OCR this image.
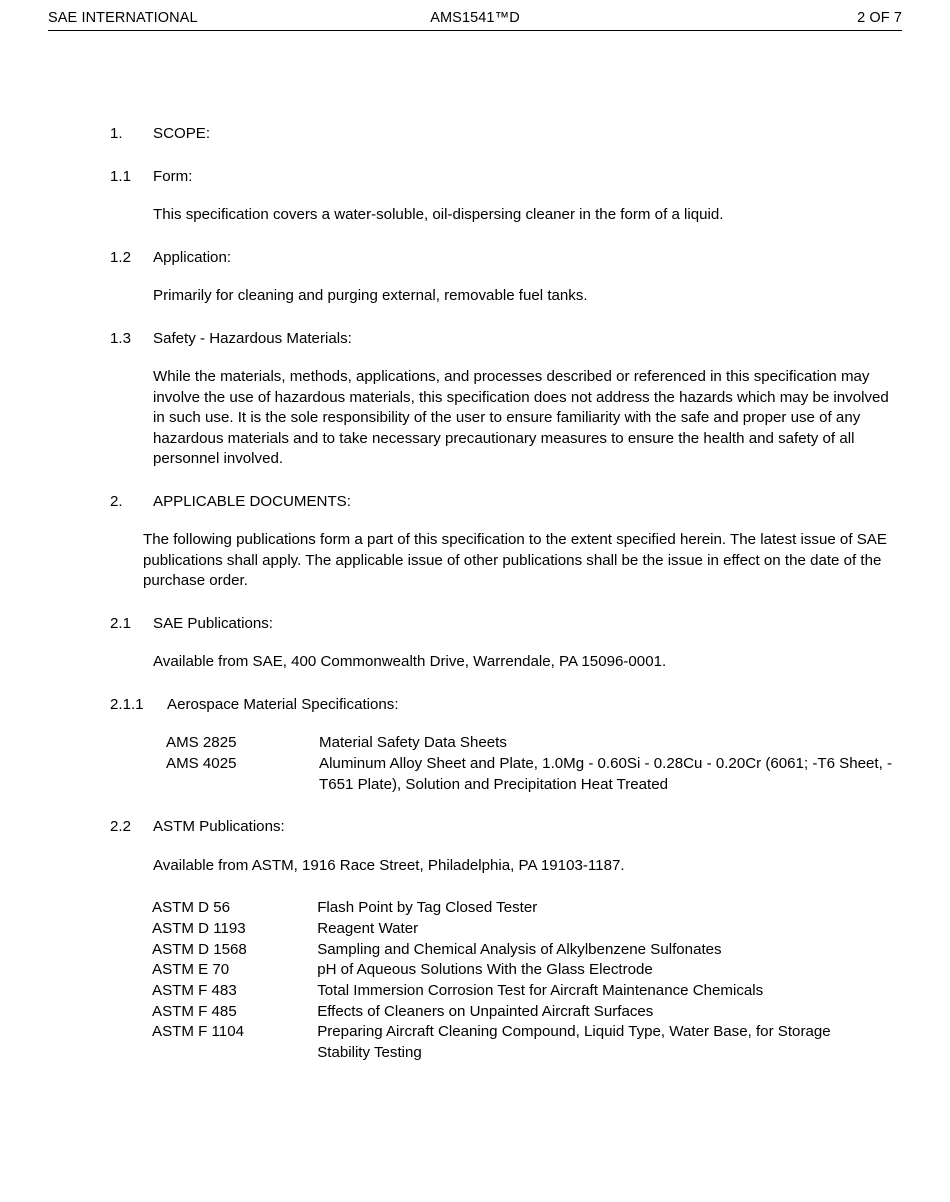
SAE INTERNATIONAL	AMS1541™D	2 OF 7
1.	SCOPE:
1.1	Form:
This specification covers a water-soluble, oil-dispersing cleaner in the form of a liquid.
1.2	Application:
Primarily for cleaning and purging external, removable fuel tanks.
1.3	Safety - Hazardous Materials:
While the materials, methods, applications, and processes described or referenced in this specification may involve the use of hazardous materials, this specification does not address the hazards which may be involved in such use. It is the sole responsibility of the user to ensure familiarity with the safe and proper use of any hazardous materials and to take necessary precautionary measures to ensure the health and safety of all personnel involved.
2.	APPLICABLE DOCUMENTS:
The following publications form a part of this specification to the extent specified herein. The latest issue of SAE publications shall apply. The applicable issue of other publications shall be the issue in effect on the date of the purchase order.
2.1	SAE Publications:
Available from SAE, 400 Commonwealth Drive, Warrendale, PA 15096-0001.
2.1.1	Aerospace Material Specifications:
AMS 2825	Material Safety Data Sheets
AMS 4025	Aluminum Alloy Sheet and Plate, 1.0Mg - 0.60Si - 0.28Cu - 0.20Cr (6061; -T6 Sheet, -T651 Plate), Solution and Precipitation Heat Treated
2.2	ASTM Publications:
Available from ASTM, 1916 Race Street, Philadelphia, PA 19103-1187.
ASTM D 56	Flash Point by Tag Closed Tester
ASTM D 1193	Reagent Water
ASTM D 1568	Sampling and Chemical Analysis of Alkylbenzene Sulfonates
ASTM E 70	pH of Aqueous Solutions With the Glass Electrode
ASTM F 483	Total Immersion Corrosion Test for Aircraft Maintenance Chemicals
ASTM F 485	Effects of Cleaners on Unpainted Aircraft Surfaces
ASTM F 1104	Preparing Aircraft Cleaning Compound, Liquid Type, Water Base, for Storage Stability Testing
